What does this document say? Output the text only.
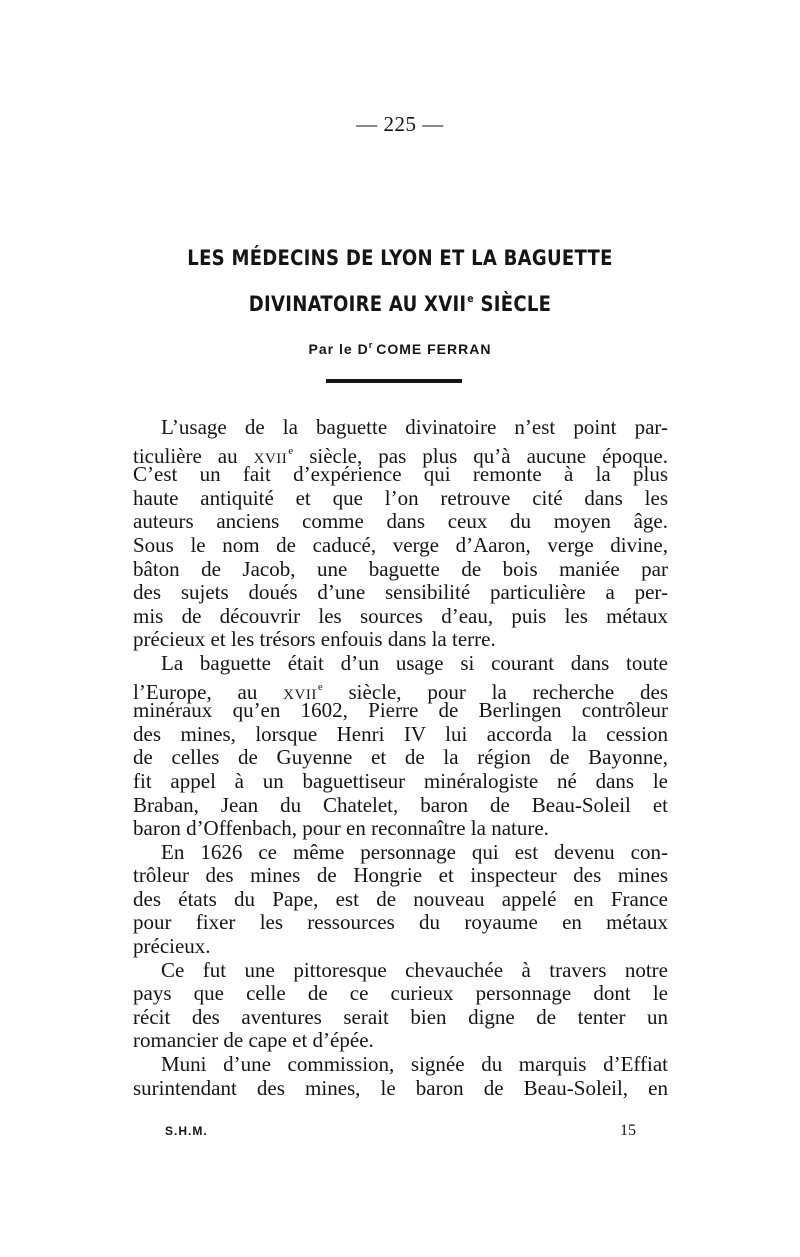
— 225 —
LES MÉDECINS DE LYON ET LA BAGUETTE
DIVINATOIRE AU XVIIe SIÈCLE
Par le $D^r$ COME FERRAN
L’usage de la baguette divinatoire n’est point par-
ticulière au xvii$^e$ siècle, pas plus qu’à aucune époque.
C’est un fait d’expérience qui remonte à la plus
haute antiquité et que l’on retrouve cité dans les
auteurs anciens comme dans ceux du moyen âge.
Sous le nom de caducé, verge d’Aaron, verge divine,
bâton de Jacob, une baguette de bois maniée par
des sujets doués d’une sensibilité particulière a per-
mis de découvrir les sources d’eau, puis les métaux
précieux et les trésors enfouis dans la terre.
La baguette était d’un usage si courant dans toute
l’Europe, au xvii$^e$ siècle, pour la recherche des
minéraux qu’en 1602, Pierre de Berlingen contrôleur
des mines, lorsque Henri IV lui accorda la cession
de celles de Guyenne et de la région de Bayonne,
fit appel à un baguettiseur minéralogiste né dans le
Braban, Jean du Chatelet, baron de Beau-Soleil et
baron d’Offenbach, pour en reconnaître la nature.
En 1626 ce même personnage qui est devenu con-
trôleur des mines de Hongrie et inspecteur des mines
des états du Pape, est de nouveau appelé en France
pour fixer les ressources du royaume en métaux
précieux.
Ce fut une pittoresque chevauchée à travers notre
pays que celle de ce curieux personnage dont le
récit des aventures serait bien digne de tenter un
romancier de cape et d’épée.
Muni d’une commission, signée du marquis d’Effiat
surintendant des mines, le baron de Beau-Soleil, en
S.H.M.	15
